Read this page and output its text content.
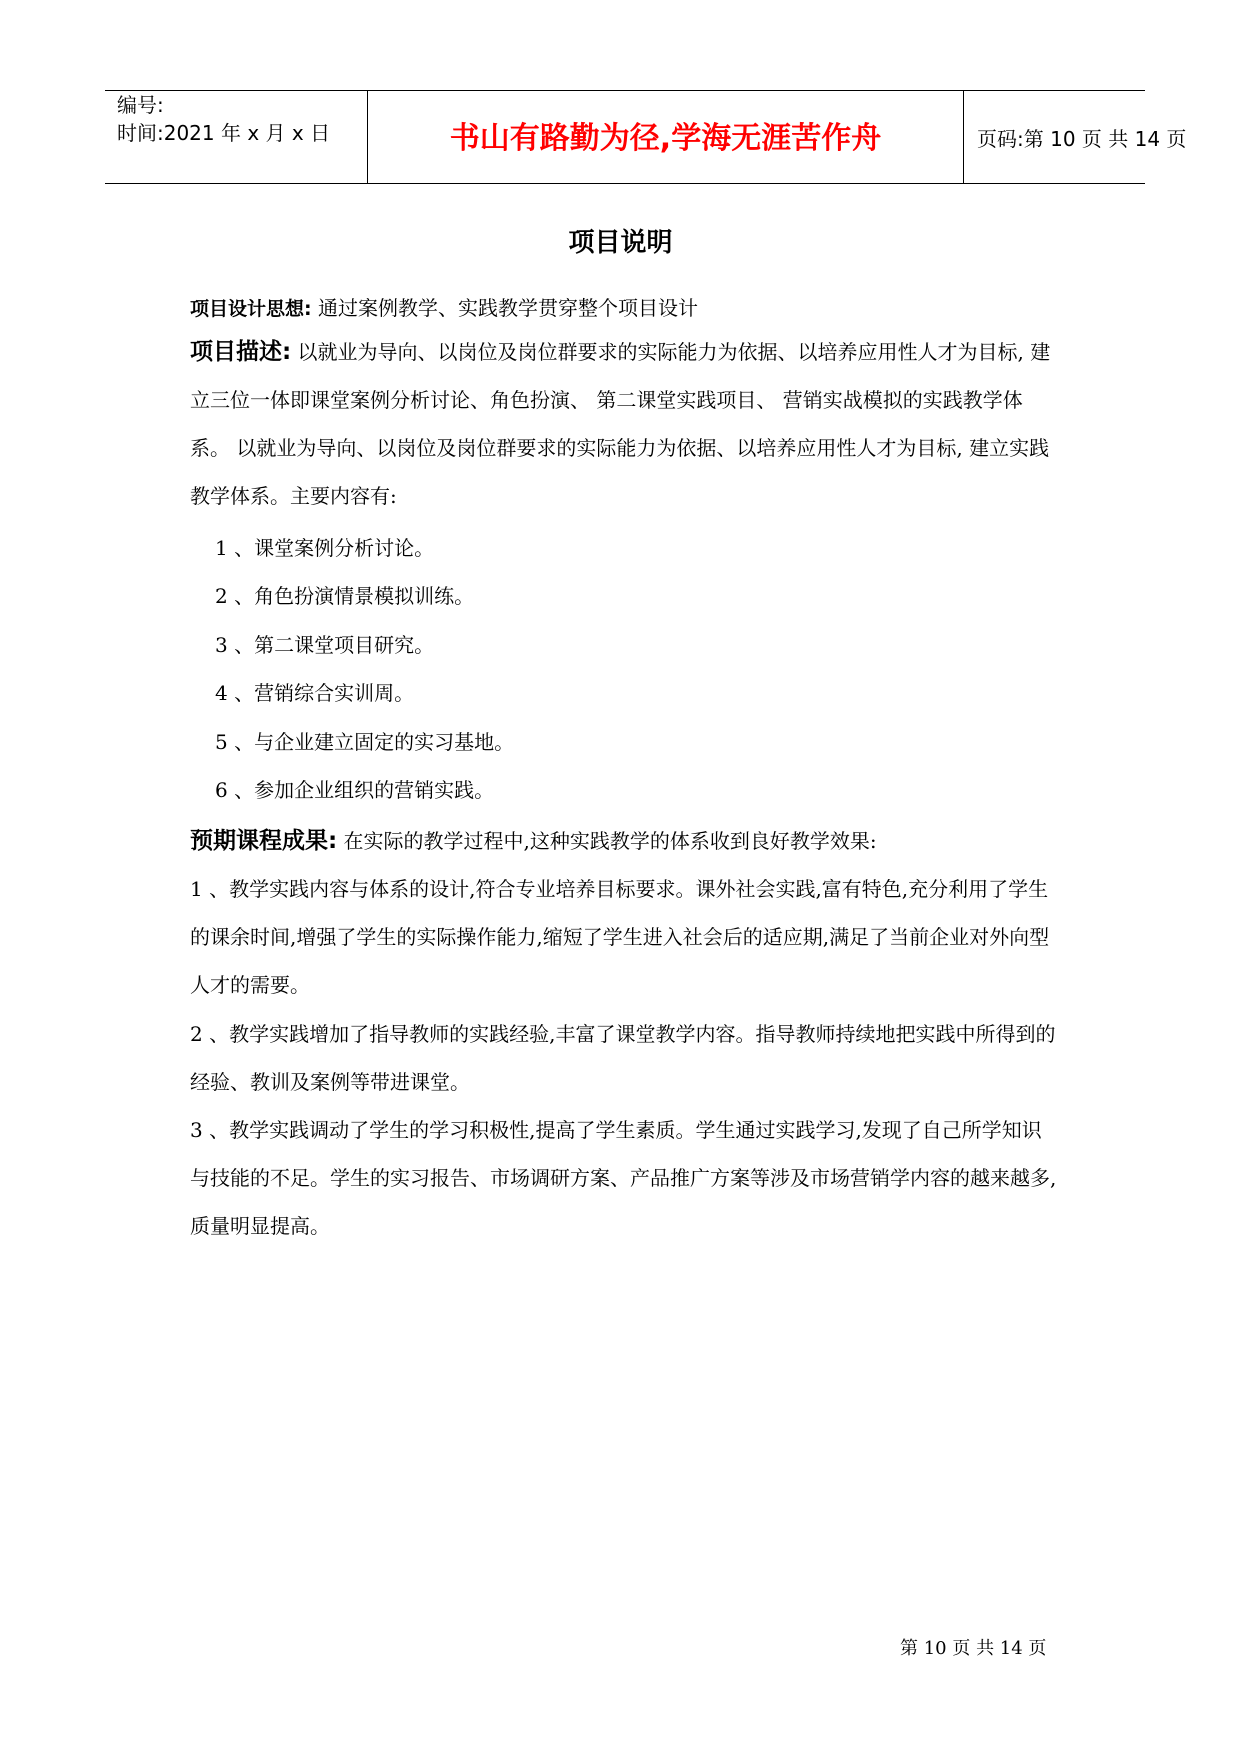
编号:
时间:2021 年 x 月 x 日	书山有路勤为径,学海无涯苦作舟	页码:第 10 页 共 14 页
项目说明

项目设计思想: 通过案例教学、实践教学贯穿整个项目设计

项目描述: 以就业为导向、以岗位及岗位群要求的实际能力为依据、以培养应用性人才为目标, 建立三位一体即课堂案例分析讨论、角色扮演、 第二课堂实践项目、 营销实战模拟的实践教学体系。 以就业为导向、以岗位及岗位群要求的实际能力为依据、以培养应用性人才为目标, 建立实践教学体系。主要内容有:

1 、课堂案例分析讨论。
2 、角色扮演情景模拟训练。
3 、第二课堂项目研究。
4 、营销综合实训周。
5 、与企业建立固定的实习基地。
6 、参加企业组织的营销实践。

预期课程成果: 在实际的教学过程中,这种实践教学的体系收到良好教学效果:

1 、教学实践内容与体系的设计,符合专业培养目标要求。课外社会实践,富有特色,充分利用了学生的课余时间,增强了学生的实际操作能力,缩短了学生进入社会后的适应期,满足了当前企业对外向型人才的需要。

2 、教学实践增加了指导教师的实践经验,丰富了课堂教学内容。指导教师持续地把实践中所得到的经验、教训及案例等带进课堂。

3 、教学实践调动了学生的学习积极性,提高了学生素质。学生通过实践学习,发现了自己所学知识与技能的不足。学生的实习报告、市场调研方案、产品推广方案等涉及市场营销学内容的越来越多,质量明显提高。

第 10 页 共 14 页
